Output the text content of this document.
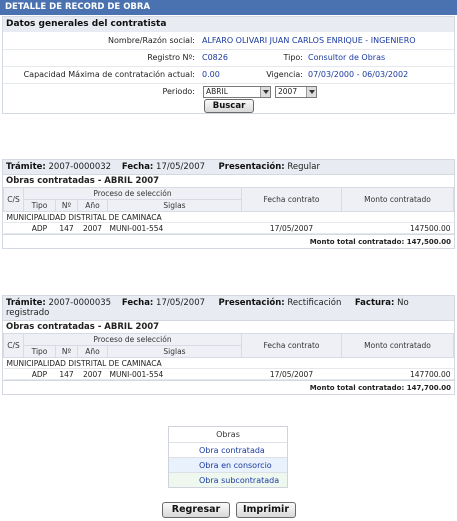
DETALLE DE RECORD DE OBRA
Datos generales del contratista
Nombre/Razón social: ALFARO OLIVARI JUAN CARLOS ENRIQUE - INGENIERO
Registro Nº: C0826	Tipo: Consultor de Obras
Capacidad Máxima de contratación actual: 0.00	Vigencia: 07/03/2000 - 06/03/2002
Periodo:	ABRIL	2007
Buscar
Trámite: 2007-0000032 Fecha: 17/05/2007 Presentación: Regular
Obras contratadas - ABRIL 2007
C/S	Proceso de selección				Fecha contrato	Monto contratado
	Tipo	Nº	Año	Siglas		
MUNICIPALIDAD DISTRITAL DE CAMINACA						
	ADP	147	2007	MUNI-001-554	17/05/2007	147500.00
Monto total contratado: 147,500.00
Trámite: 2007-0000035 Fecha: 17/05/2007 Presentación: Rectificación Factura: No registrado
Obras contratadas - ABRIL 2007
C/S	Proceso de selección				Fecha contrato	Monto contratado
	Tipo	Nº	Año	Siglas		
MUNICIPALIDAD DISTRITAL DE CAMINACA						
	ADP	147	2007	MUNI-001-554	17/05/2007	147700.00
Monto total contratado: 147,700.00
Obras
Obra contratada
Obra en consorcio
Obra subcontratada
Regresar	Imprimir
